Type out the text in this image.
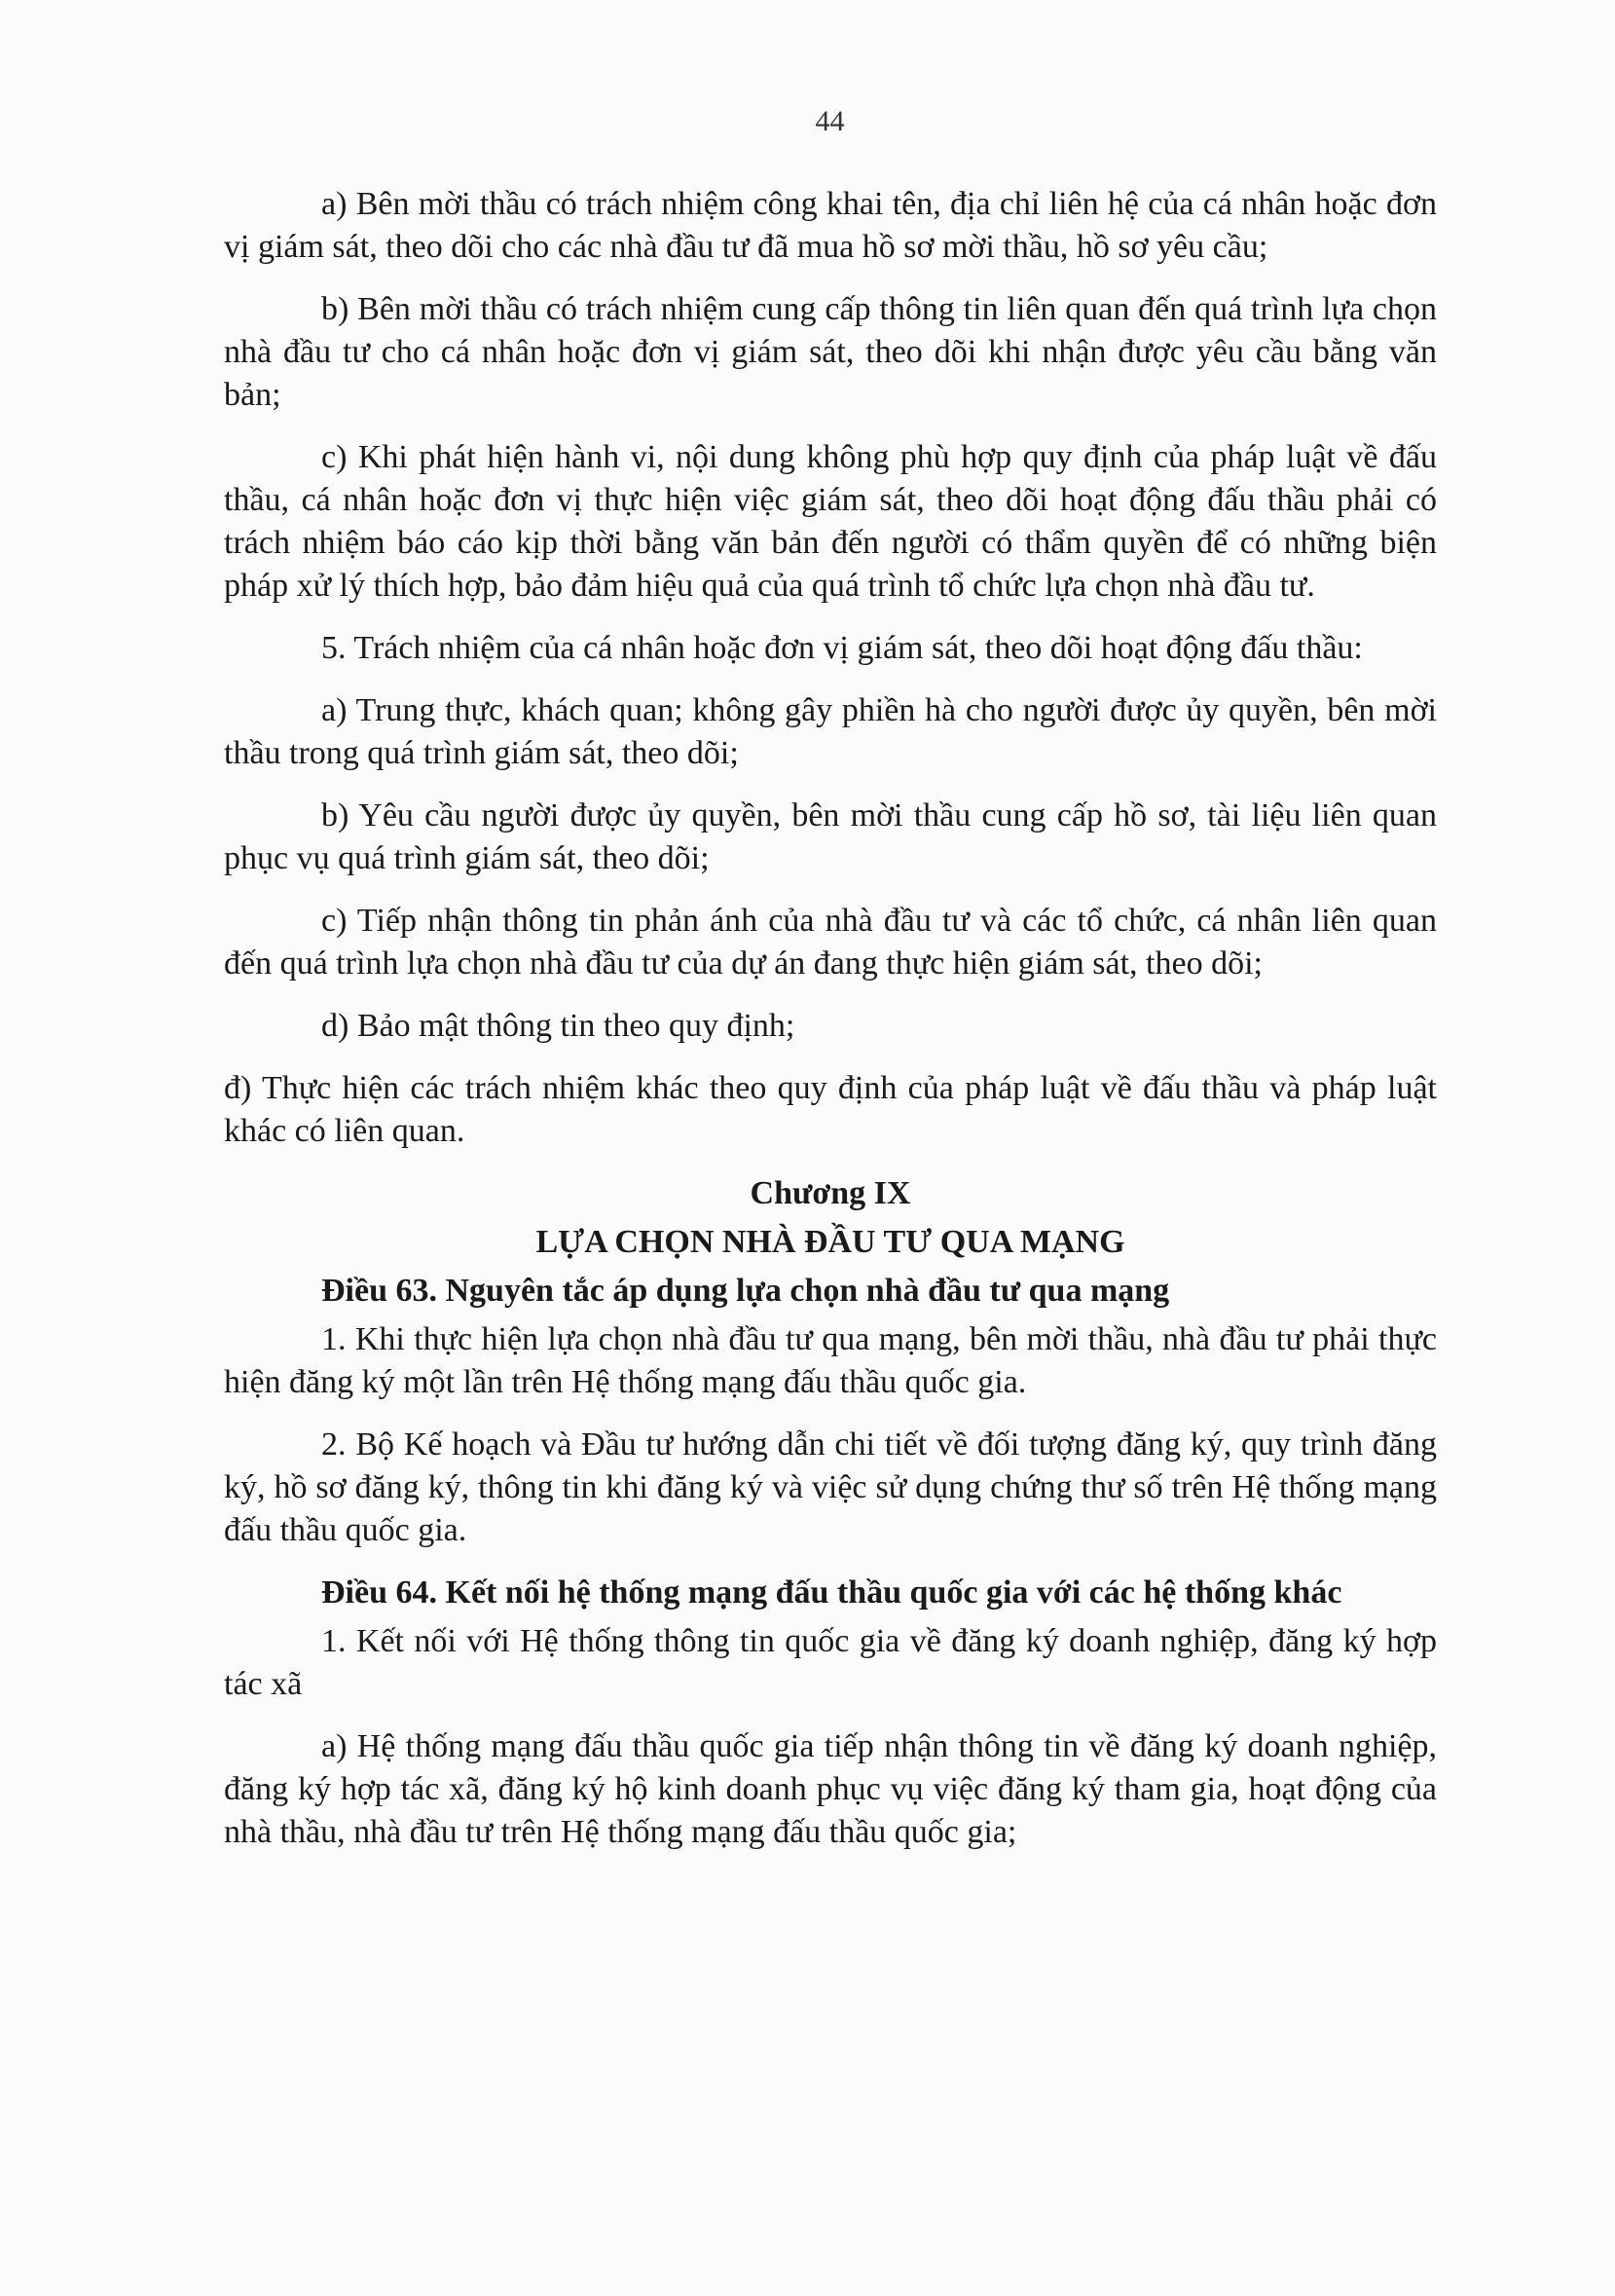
44

a) Bên mời thầu có trách nhiệm công khai tên, địa chỉ liên hệ của cá nhân hoặc đơn vị giám sát, theo dõi cho các nhà đầu tư đã mua hồ sơ mời thầu, hồ sơ yêu cầu;

b) Bên mời thầu có trách nhiệm cung cấp thông tin liên quan đến quá trình lựa chọn nhà đầu tư cho cá nhân hoặc đơn vị giám sát, theo dõi khi nhận được yêu cầu bằng văn bản;

c) Khi phát hiện hành vi, nội dung không phù hợp quy định của pháp luật về đấu thầu, cá nhân hoặc đơn vị thực hiện việc giám sát, theo dõi hoạt động đấu thầu phải có trách nhiệm báo cáo kịp thời bằng văn bản đến người có thẩm quyền để có những biện pháp xử lý thích hợp, bảo đảm hiệu quả của quá trình tổ chức lựa chọn nhà đầu tư.

5. Trách nhiệm của cá nhân hoặc đơn vị giám sát, theo dõi hoạt động đấu thầu:

a) Trung thực, khách quan; không gây phiền hà cho người được ủy quyền, bên mời thầu trong quá trình giám sát, theo dõi;

b) Yêu cầu người được ủy quyền, bên mời thầu cung cấp hồ sơ, tài liệu liên quan phục vụ quá trình giám sát, theo dõi;

c) Tiếp nhận thông tin phản ánh của nhà đầu tư và các tổ chức, cá nhân liên quan đến quá trình lựa chọn nhà đầu tư của dự án đang thực hiện giám sát, theo dõi;

d) Bảo mật thông tin theo quy định;

đ) Thực hiện các trách nhiệm khác theo quy định của pháp luật về đấu thầu và pháp luật khác có liên quan.

Chương IX
LỰA CHỌN NHÀ ĐẦU TƯ QUA MẠNG
Điều 63. Nguyên tắc áp dụng lựa chọn nhà đầu tư qua mạng

1. Khi thực hiện lựa chọn nhà đầu tư qua mạng, bên mời thầu, nhà đầu tư phải thực hiện đăng ký một lần trên Hệ thống mạng đấu thầu quốc gia.

2. Bộ Kế hoạch và Đầu tư hướng dẫn chi tiết về đối tượng đăng ký, quy trình đăng ký, hồ sơ đăng ký, thông tin khi đăng ký và việc sử dụng chứng thư số trên Hệ thống mạng đấu thầu quốc gia.

Điều 64. Kết nối hệ thống mạng đấu thầu quốc gia với các hệ thống khác

1. Kết nối với Hệ thống thông tin quốc gia về đăng ký doanh nghiệp, đăng ký hợp tác xã

a) Hệ thống mạng đấu thầu quốc gia tiếp nhận thông tin về đăng ký doanh nghiệp, đăng ký hợp tác xã, đăng ký hộ kinh doanh phục vụ việc đăng ký tham gia, hoạt động của nhà thầu, nhà đầu tư trên Hệ thống mạng đấu thầu quốc gia;
